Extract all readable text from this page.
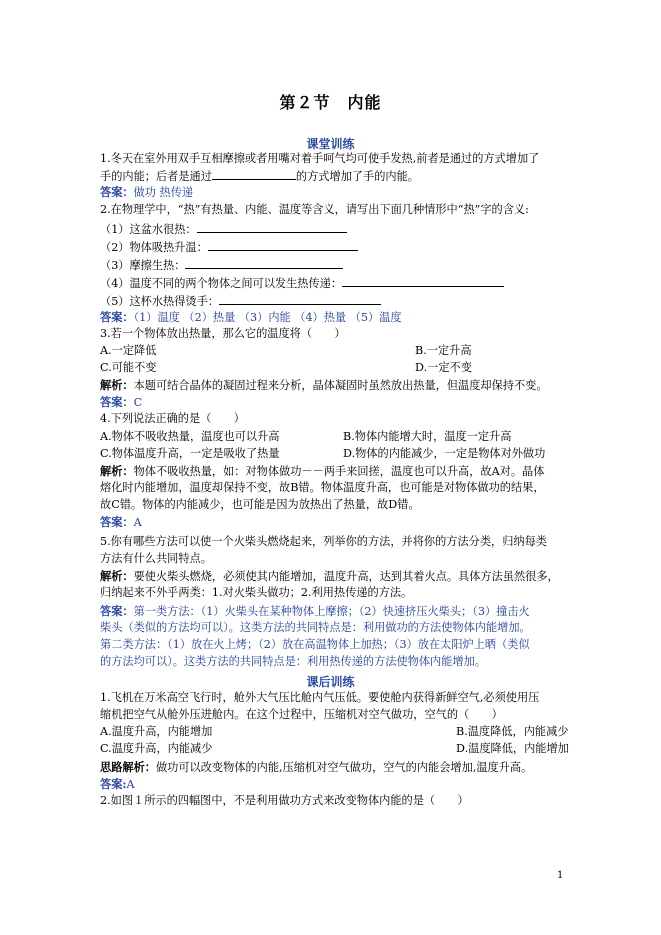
第２节　内能
课堂训练
1.冬天在室外用双手互相摩擦或者用嘴对着手呵气均可使手发热,前者是通过的方式增加了
手的内能；后者是通过	的方式增加了手的内能。
答案：做功 热传递
2.在物理学中，“热”有热量、内能、温度等含义，请写出下面几种情形中“热”字的含义:
（1）这盆水很热：
（2）物体吸热升温：
（3）摩擦生热：
（4）温度不同的两个物体之间可以发生热传递：
（5）这杯水热得烫手：
答案：（1）温度 （2）热量 （3）内能 （4）热量 （5）温度
3.若一个物体放出热量，那么它的温度将（　　）
A.一定降低	B.一定升高
C.可能不变	D.一定不变
解析：本题可结合晶体的凝固过程来分析，晶体凝固时虽然放出热量，但温度却保持不变。
答案：C
4.下列说法正确的是（　　）
A.物体不吸收热量，温度也可以升高	B.物体内能增大时，温度一定升高
C.物体温度升高，一定是吸收了热量	D.物体的内能减少，一定是物体对外做功
解析：物体不吸收热量，如：对物体做功－－两手来回搓，温度也可以升高，故A对。晶体
熔化时内能增加，温度却保持不变，故B错。物体温度升高，也可能是对物体做功的结果，
故C错。物体的内能减少，也可能是因为放热出了热量，故D错。
答案：A
5.你有哪些方法可以使一个火柴头燃烧起来，列举你的方法，并将你的方法分类，归纳每类
方法有什么共同特点。
解析：要使火柴头燃烧，必须使其内能增加，温度升高，达到其着火点。具体方法虽然很多，
归纳起来不外乎两类：1.对火柴头做功；2.利用热传递的方法。
答案：第一类方法：（1）火柴头在某种物体上摩擦；（2）快速挤压火柴头；（3）撞击火
柴头（类似的方法均可以）。这类方法的共同特点是：利用做功的方法使物体内能增加。
第二类方法：（1）放在火上烤；（2）放在高温物体上加热；（3）放在太阳炉上晒（类似
的方法均可以）。这类方法的共同特点是：利用热传递的方法使物体内能增加。
课后训练
1.飞机在万米高空飞行时，舱外大气压比舱内气压低。要使舱内获得新鲜空气,必须使用压
缩机把空气从舱外压进舱内。在这个过程中，压缩机对空气做功，空气的（　　）
A.温度升高，内能增加	B.温度降低，内能减少
C.温度升高，内能减少	D.温度降低，内能增加
思路解析：做功可以改变物体的内能,压缩机对空气做功，空气的内能会增加,温度升高。
答案:A
2.如图１所示的四幅图中，不是利用做功方式来改变物体内能的是（　　）
1
